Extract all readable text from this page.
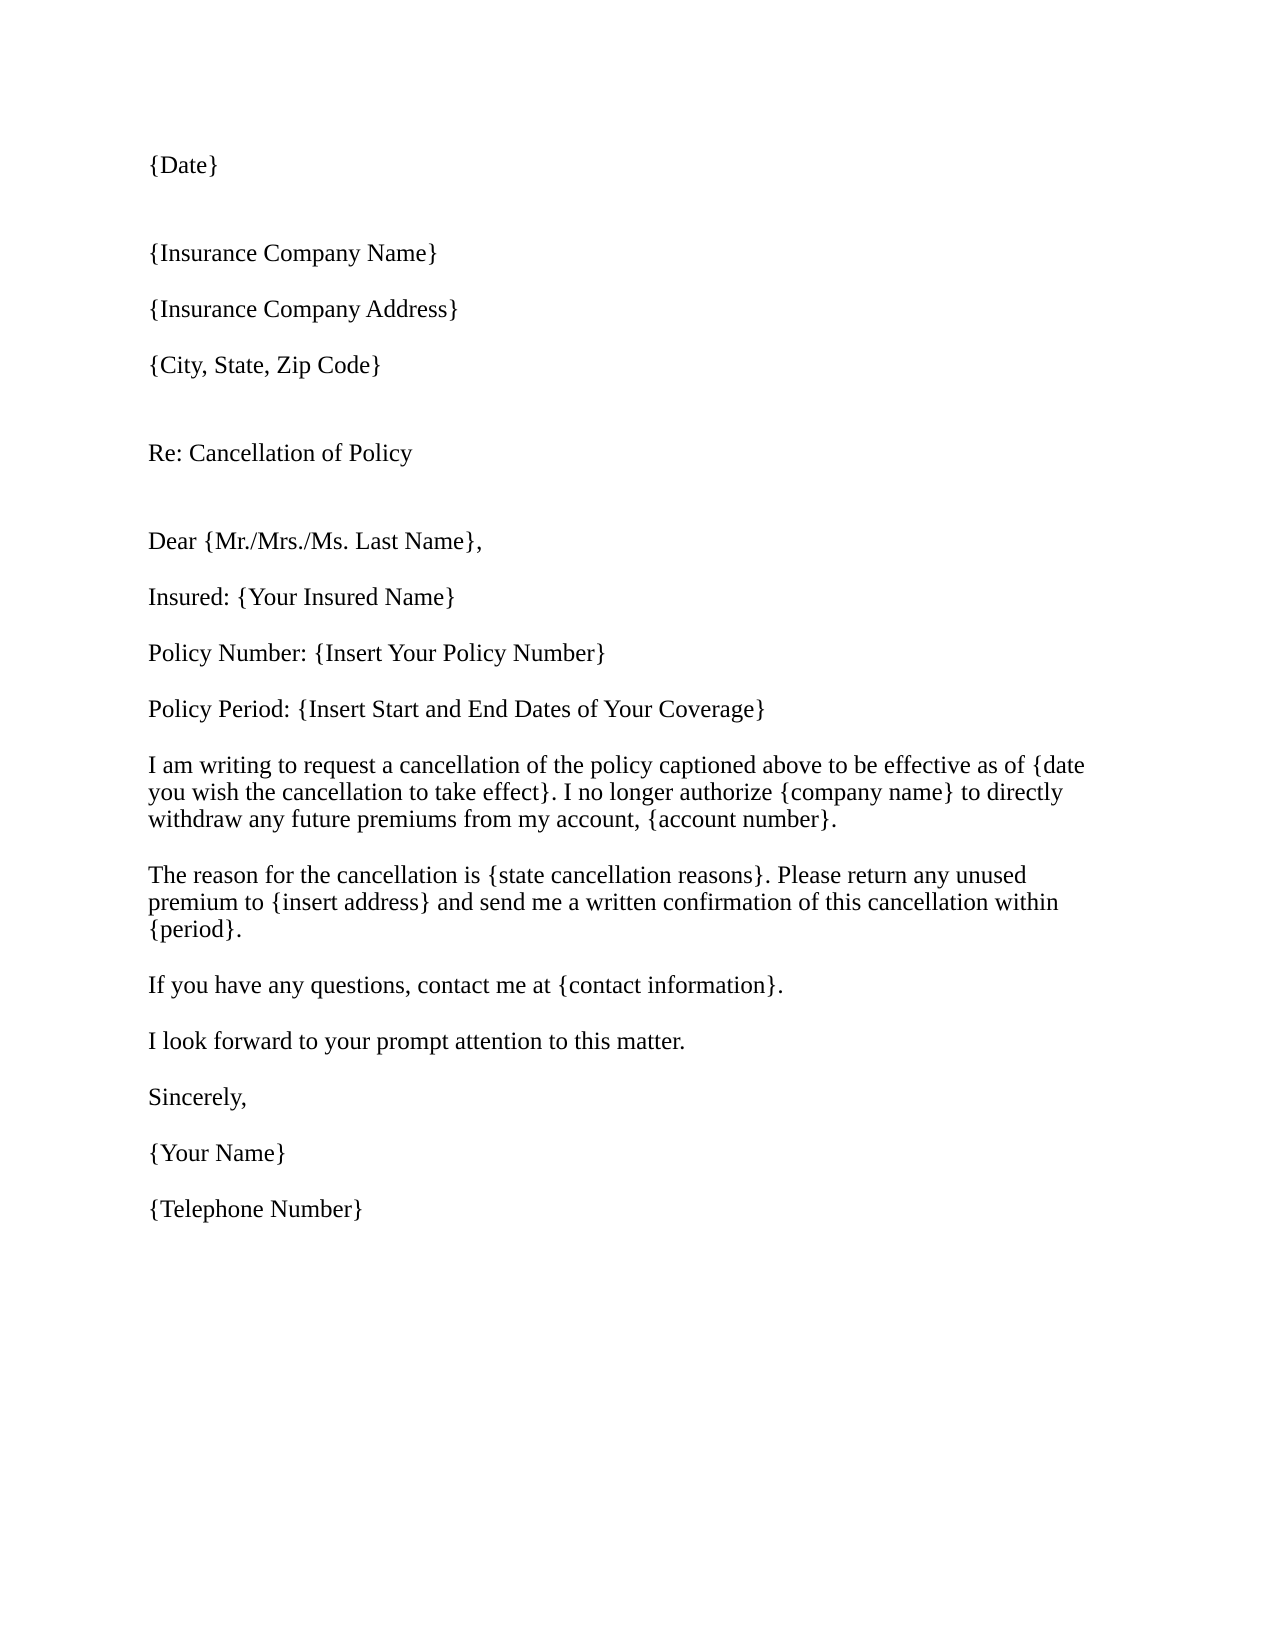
{Date}
{Insurance Company Name}
{Insurance Company Address}
{City, State, Zip Code}
Re: Cancellation of Policy
Dear {Mr./Mrs./Ms. Last Name},
Insured: {Your Insured Name}
Policy Number: {Insert Your Policy Number}
Policy Period: {Insert Start and End Dates of Your Coverage}
I am writing to request a cancellation of the policy captioned above to be effective as of {date
you wish the cancellation to take effect}. I no longer authorize {company name} to directly
withdraw any future premiums from my account, {account number}.
The reason for the cancellation is {state cancellation reasons}. Please return any unused
premium to {insert address} and send me a written confirmation of this cancellation within
{period}.
If you have any questions, contact me at {contact information}.
I look forward to your prompt attention to this matter.
Sincerely,
{Your Name}
{Telephone Number}
